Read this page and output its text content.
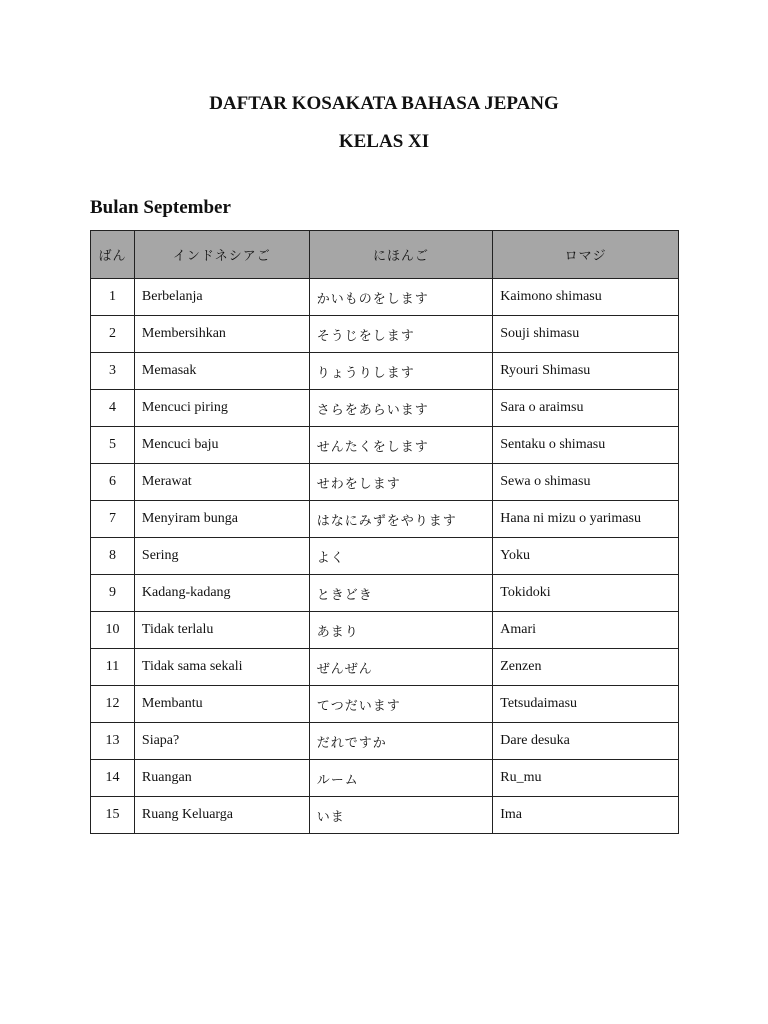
DAFTAR KOSAKATA BAHASA JEPANG
KELAS XI
Bulan September
ばん	インドネシアご	にほんご	ロマジ
1	Berbelanja	かいものをします	Kaimono shimasu
2	Membersihkan	そうじをします	Souji shimasu
3	Memasak	りょうりします	Ryouri Shimasu
4	Mencuci piring	さらをあらいます	Sara o araimsu
5	Mencuci baju	せんたくをします	Sentaku o shimasu
6	Merawat	せわをします	Sewa o shimasu
7	Menyiram bunga	はなにみずをやります	Hana ni mizu o yarimasu
8	Sering	よく	Yoku
9	Kadang-kadang	ときどき	Tokidoki
10	Tidak terlalu	あまり	Amari
11	Tidak sama sekali	ぜんぜん	Zenzen
12	Membantu	てつだいます	Tetsudaimasu
13	Siapa?	だれですか	Dare desuka
14	Ruangan	ルーム	Ru_mu
15	Ruang Keluarga	いま	Ima
